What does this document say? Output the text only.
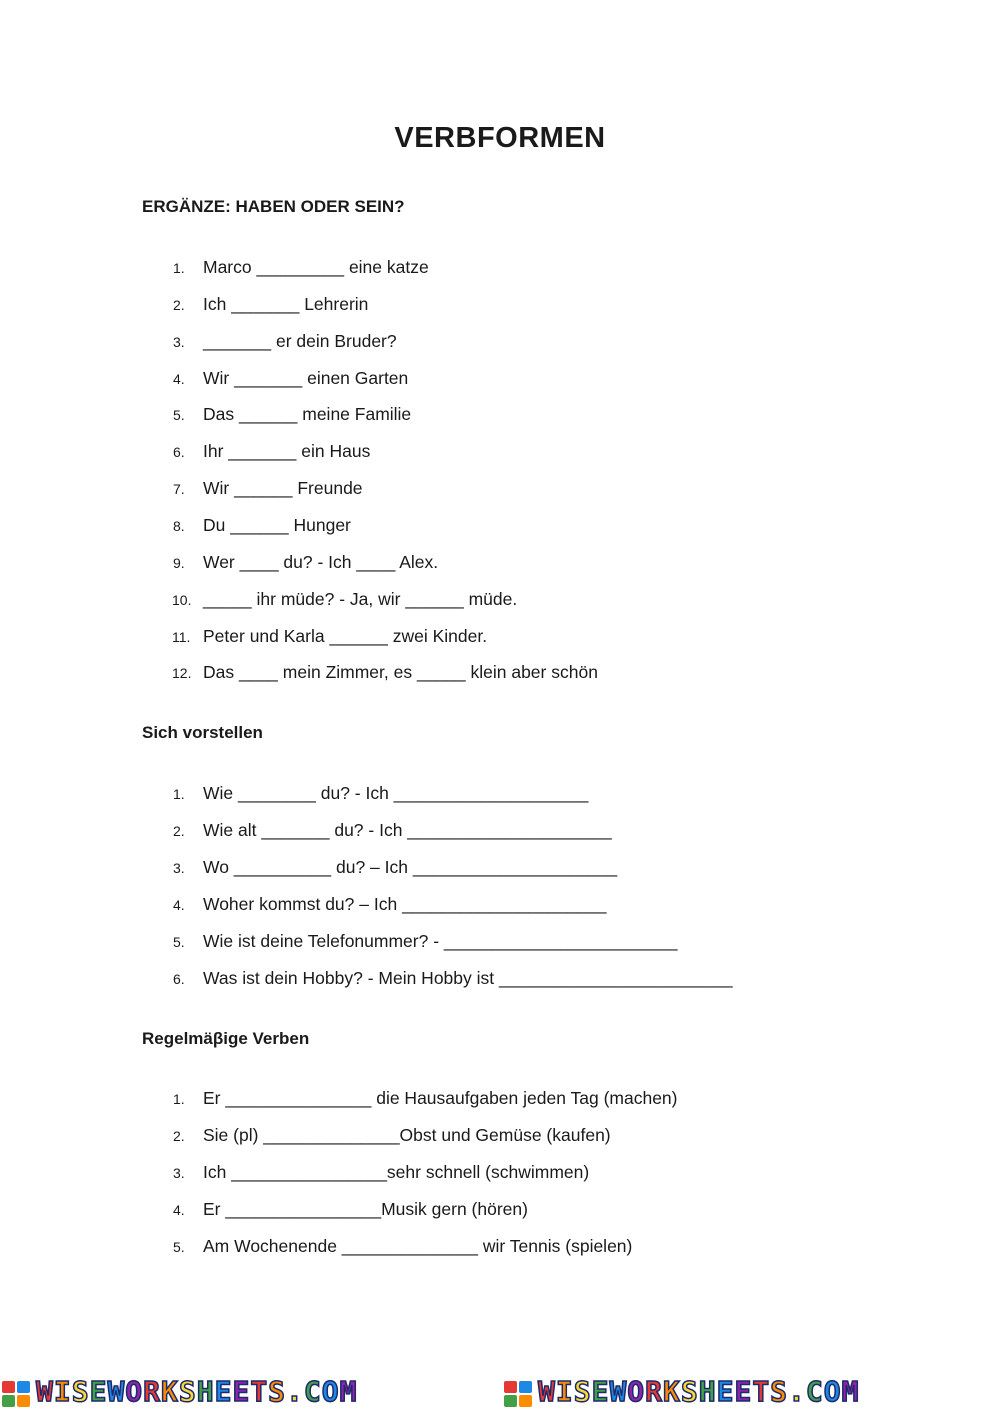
VERBFORMEN
ERGÄNZE: HABEN ODER SEIN?
1. Marco _________ eine katze
2. Ich _______ Lehrerin
3. _______ er dein Bruder?
4. Wir _______ einen Garten
5. Das ______ meine Familie
6. Ihr _______ ein Haus
7. Wir ______ Freunde
8. Du ______ Hunger
9. Wer ____ du? - Ich ____ Alex.
10. _____ ihr müde? - Ja, wir ______ müde.
11. Peter und Karla ______ zwei Kinder.
12. Das ____ mein Zimmer, es _____ klein aber schön
Sich vorstellen
1. Wie ________ du? - Ich ____________________
2. Wie alt _______ du? - Ich _____________________
3. Wo __________ du? – Ich _____________________
4. Woher kommst du? – Ich _____________________
5. Wie ist deine Telefonummer? - ________________________
6. Was ist dein Hobby? - Mein Hobby ist ________________________
Regelmäβige Verben
1. Er _______________ die Hausaufgaben jeden Tag (machen)
2. Sie (pl) ______________Obst und Gemüse (kaufen)
3. Ich ________________sehr schnell (schwimmen)
4. Er ________________Musik gern (hören)
5. Am Wochenende ______________ wir Tennis (spielen)
WISEWORKSHEETS.COM	WISEWORKSHEETS.COM
